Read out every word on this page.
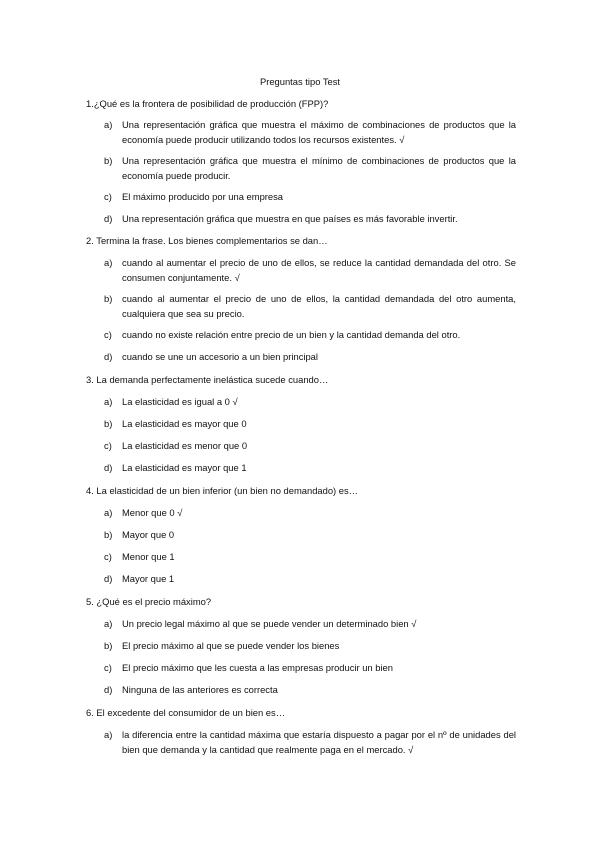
Preguntas tipo Test
1.¿Qué es la frontera de posibilidad de producción (FPP)?
a)	Una representación gráfica que muestra el máximo de combinaciones de productos que la economía puede producir utilizando todos los recursos existentes. √
b)	Una representación gráfica que muestra el mínimo de combinaciones de productos que la economía puede producir.
c)	El máximo producido por una empresa
d)	Una representación gráfica que muestra en que países es más favorable invertir.
2. Termina la frase. Los bienes complementarios se dan…
a)	cuando al aumentar el precio de uno de ellos, se reduce la cantidad demandada del otro. Se consumen conjuntamente. √
b)	cuando al aumentar el precio de uno de ellos, la cantidad demandada del otro aumenta, cualquiera que sea su precio.
c)	cuando no existe relación entre precio de un bien y la cantidad demanda del otro.
d)	cuando se une un accesorio a un bien principal
3. La demanda perfectamente inelástica sucede cuando…
a)	La elasticidad es igual a 0 √
b)	La elasticidad es mayor que 0
c)	La elasticidad es menor que 0
d)	La elasticidad es mayor que 1
4. La elasticidad de un bien inferior (un bien no demandado) es…
a)	Menor que 0 √
b)	Mayor que 0
c)	Menor que 1
d)	Mayor que 1
5. ¿Qué es el precio máximo?
a)	Un precio legal máximo al que se puede vender un determinado bien √
b)	El precio máximo al que se puede vender los bienes
c)	El precio máximo que les cuesta a las empresas producir un bien
d)	Ninguna de las anteriores es correcta
6. El excedente del consumidor de un bien es…
a)	la diferencia entre la cantidad máxima que estaría dispuesto a pagar por el nº de unidades del bien que demanda y la cantidad que realmente paga en el mercado. √
